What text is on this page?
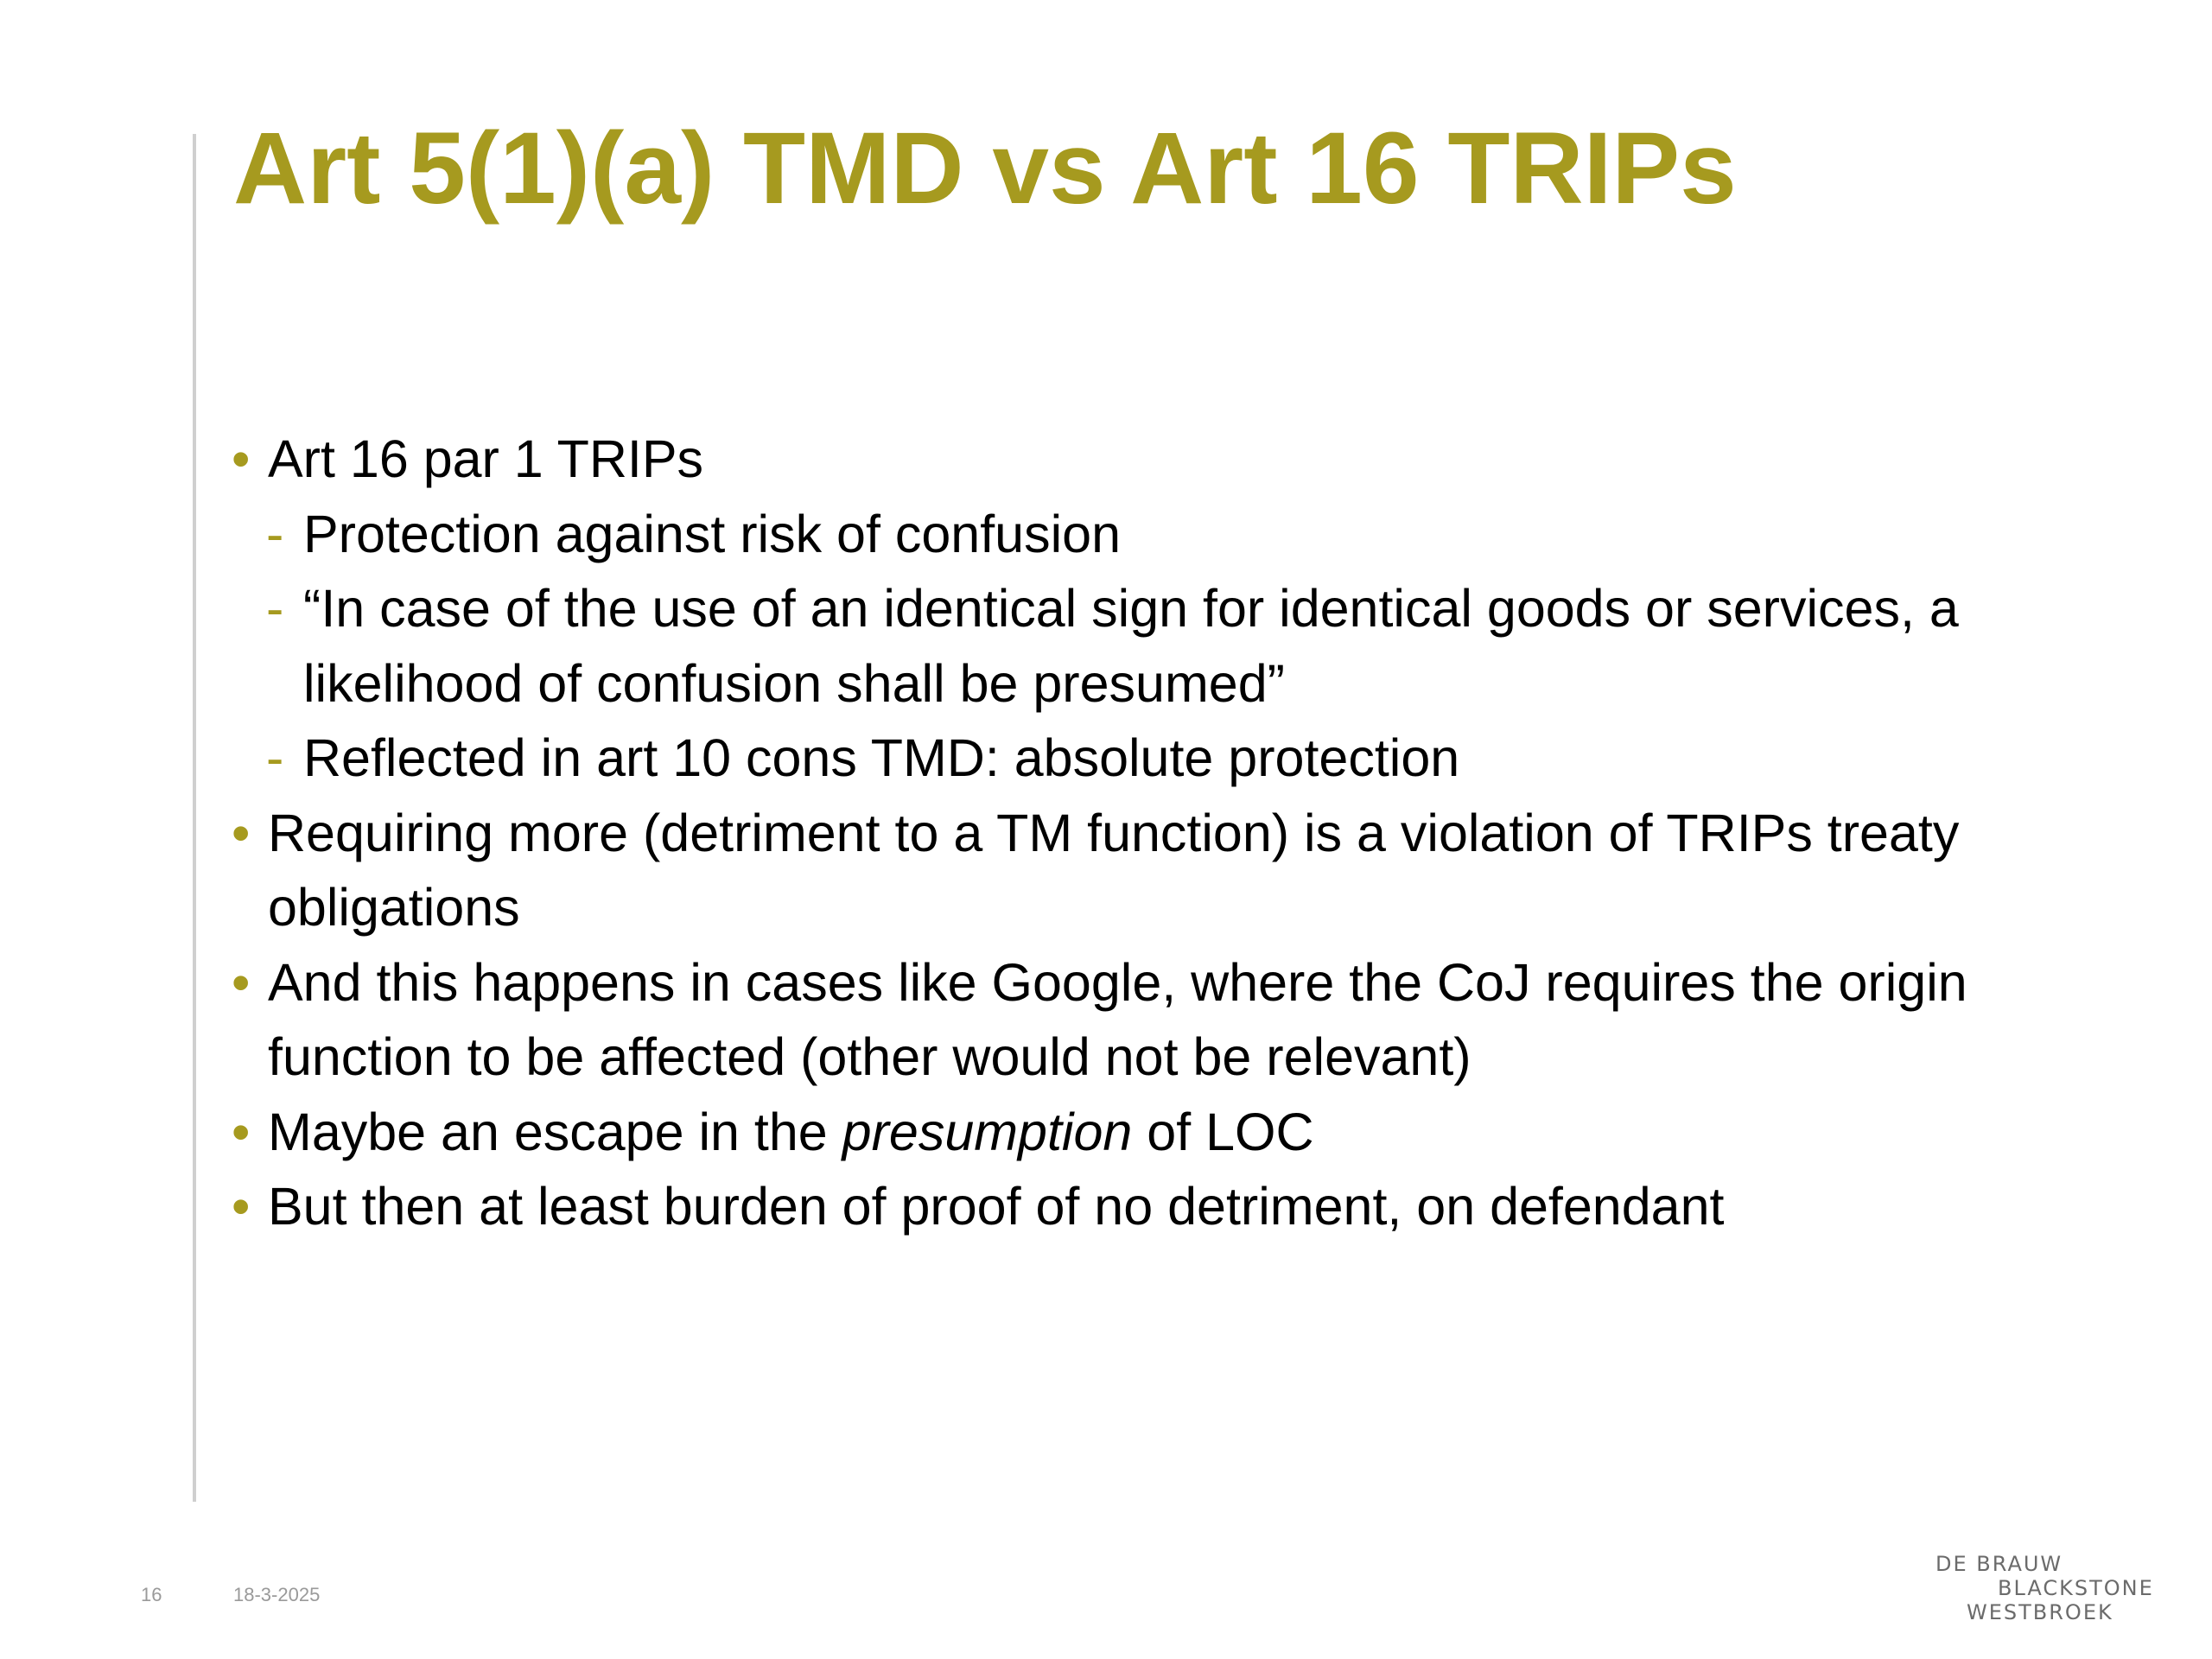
Art 5(1)(a) TMD vs Art 16 TRIPs
• Art 16 par 1 TRIPs
- Protection against risk of confusion
- “In case of the use of an identical sign for identical goods or services, a likelihood of confusion shall be presumed”
- Reflected in art 10 cons TMD: absolute protection
• Requiring more (detriment to a TM function) is a violation of TRIPs treaty obligations
• And this happens in cases like Google, where the CoJ requires the origin function to be affected (other would not be relevant)
• Maybe an escape in the presumption of LOC
• But then at least burden of proof of no detriment, on defendant
16	18-3-2025
DE BRAUW
BLACKSTONE
WESTBROEK
